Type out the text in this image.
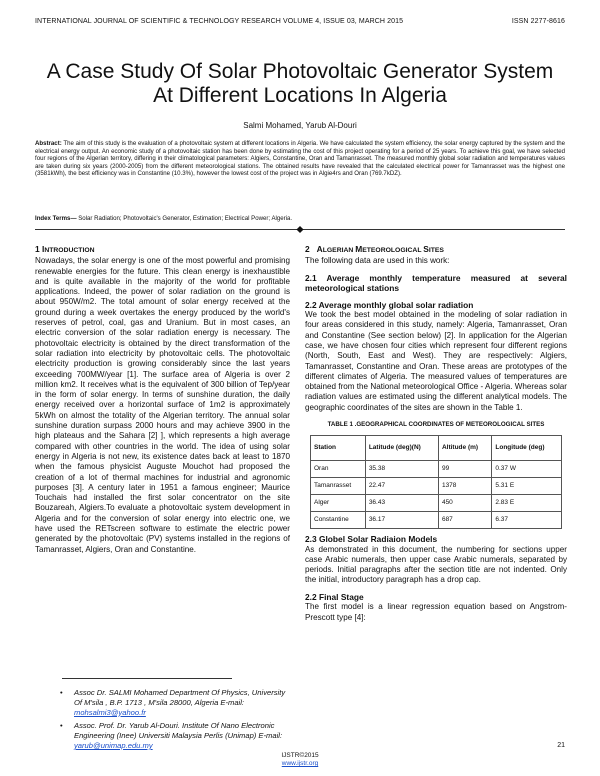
INTERNATIONAL JOURNAL OF SCIENTIFIC & TECHNOLOGY RESEARCH VOLUME 4, ISSUE 03, MARCH 2015	ISSN 2277-8616
A Case Study Of Solar Photovoltaic Generator System At Different Locations In Algeria
Salmi Mohamed, Yarub Al-Douri
Abstract: The aim of this study is the evaluation of a photovoltaic system at different locations in Algeria. We have calculated the system efficiency, the solar energy captured by the system and the electrical energy output. An economic study of a photovoltaic station has been done by estimating the cost of this project operating for a period of 25 years. To achieve this goal, we have selected four regions of the Algerian territory, differing in their climatological parameters: Algiers, Constantine, Oran and Tamanrasset. The measured monthly global solar radiation and temperatures values are taken during six years (2000-2005) from the different meteorological stations. The obtained results have revealed that the calculated electrical power for Tamanrasset was the highest one (3581kWh), the best efficiency was in Constantine (10.3%), however the lowest cost of the project was in Algie4rs and Oran (769.7kDZ).
Index Terms— Solar Radiation; Photovoltaic's Generator, Estimation; Electrical Power; Algeria.
1 INTRODUCTION

Nowadays, the solar energy is one of the most powerful and promising renewable energies for the future. This clean energy is inexhaustible and is quite available in the majority of the world for profitable applications. Indeed, the power of solar radiation on the ground is about 950W/m2. The total amount of solar energy received at the ground during a week overtakes the energy produced by the world's reserves of petrol, coal, gas and Uranium. But in most cases, an electric conversion of the solar radiation energy is necessary. The photovoltaic electricity is obtained by the direct transformation of the solar radiation into electricity by photovoltaic cells. The photovoltaic electricity production is growing considerably since the last years exceeding 700MW/year [1]. The surface area of Algeria is over 2 million km2. It receives what is the equivalent of 300 billion of Tep/year in the form of solar energy. In terms of sunshine duration, the daily energy received over a horizontal surface of 1m2 is approximately 5kWh on almost the totality of the Algerian territory. The annual solar sunshine duration surpass 2000 hours and may achieve 3900 in the high plateaus and the Sahara [2] ], which represents a high average compared with other countries in the world. The idea of using solar energy in Algeria is not new, its existence dates back at least to 1870 when the famous physicist Auguste Mouchot had proposed the creation of a lot of thermal machines for industrial and agronomic purposes [3]. A century later in 1951 a famous engineer; Maurice Touchais had installed the first solar concentrator on the site Bouzareah, Algiers.To evaluate a photovoltaic system development in Algeria and for the conversion of solar energy into electric one, we have used the RETscreen software to estimate the electric power generated by the photovoltaic (PV) systems installed in the regions of Tamanrasset, Algiers, Oran and Constantine.

2   ALGERIAN METEOROLOGICAL SITES

The following data are used in this work:

2.1 Average monthly temperature measured at several meteorological stations
2.2 Average monthly global solar radiation

We took the best model obtained in the modeling of solar radiation in four areas considered in this study, namely: Algeria, Tamanrasset, Oran and Constantine (See section below) [2]. In application for the Algerian case, we have chosen four cities which represent four different regions (North, South, East and West). They are respectively: Algiers, Tamanrasset, Constantine and Oran. These areas are prototypes of the different climates of Algeria. The measured values of temperatures are obtained from the National meteorological Office - Algeria. Whereas solar radiation values are estimated using the different analytical models. The geographic coordinates of the sites are shown in the Table 1.

TABLE 1 .GEOGRAPHICAL COORDINATES OF METEOROLOGICAL SITES
Station	Latitude (deg)(N)	Altitude (m)	Longitude (deg)
Oran	35.38	99	0.37 W
Tamanrasset	22.47	1378	5.31 E
Alger	36.43	450	2.83 E
Constantine	36.17	687	6.37
2.3 Globel Solar Radiaion Models

As demonstrated in this document, the numbering for sections upper case Arabic numerals, then upper case Arabic numerals, separated by periods. Initial paragraphs after the section title are not indented. Only the initial, introductory paragraph has a drop cap.

2.2 Final Stage

The first model is a linear regression equation based on Angstrom-Prescott type [4]:

• Assoc Dr. SALMI Mohamed Department Of Physics, University Of M'sila , B.P. 1713 , M'sila 28000, Algeria E-mail: mohsalmi3@yahoo.fr
• Assoc. Prof. Dr. Yarub Al-Douri. Institute Of Nano Electronic Engineering (Inee) Universiti Malaysia Perlis (Unimap) E-mail: yarub@unimap.edu.my	21
IJSTR©2015
www.ijstr.org
